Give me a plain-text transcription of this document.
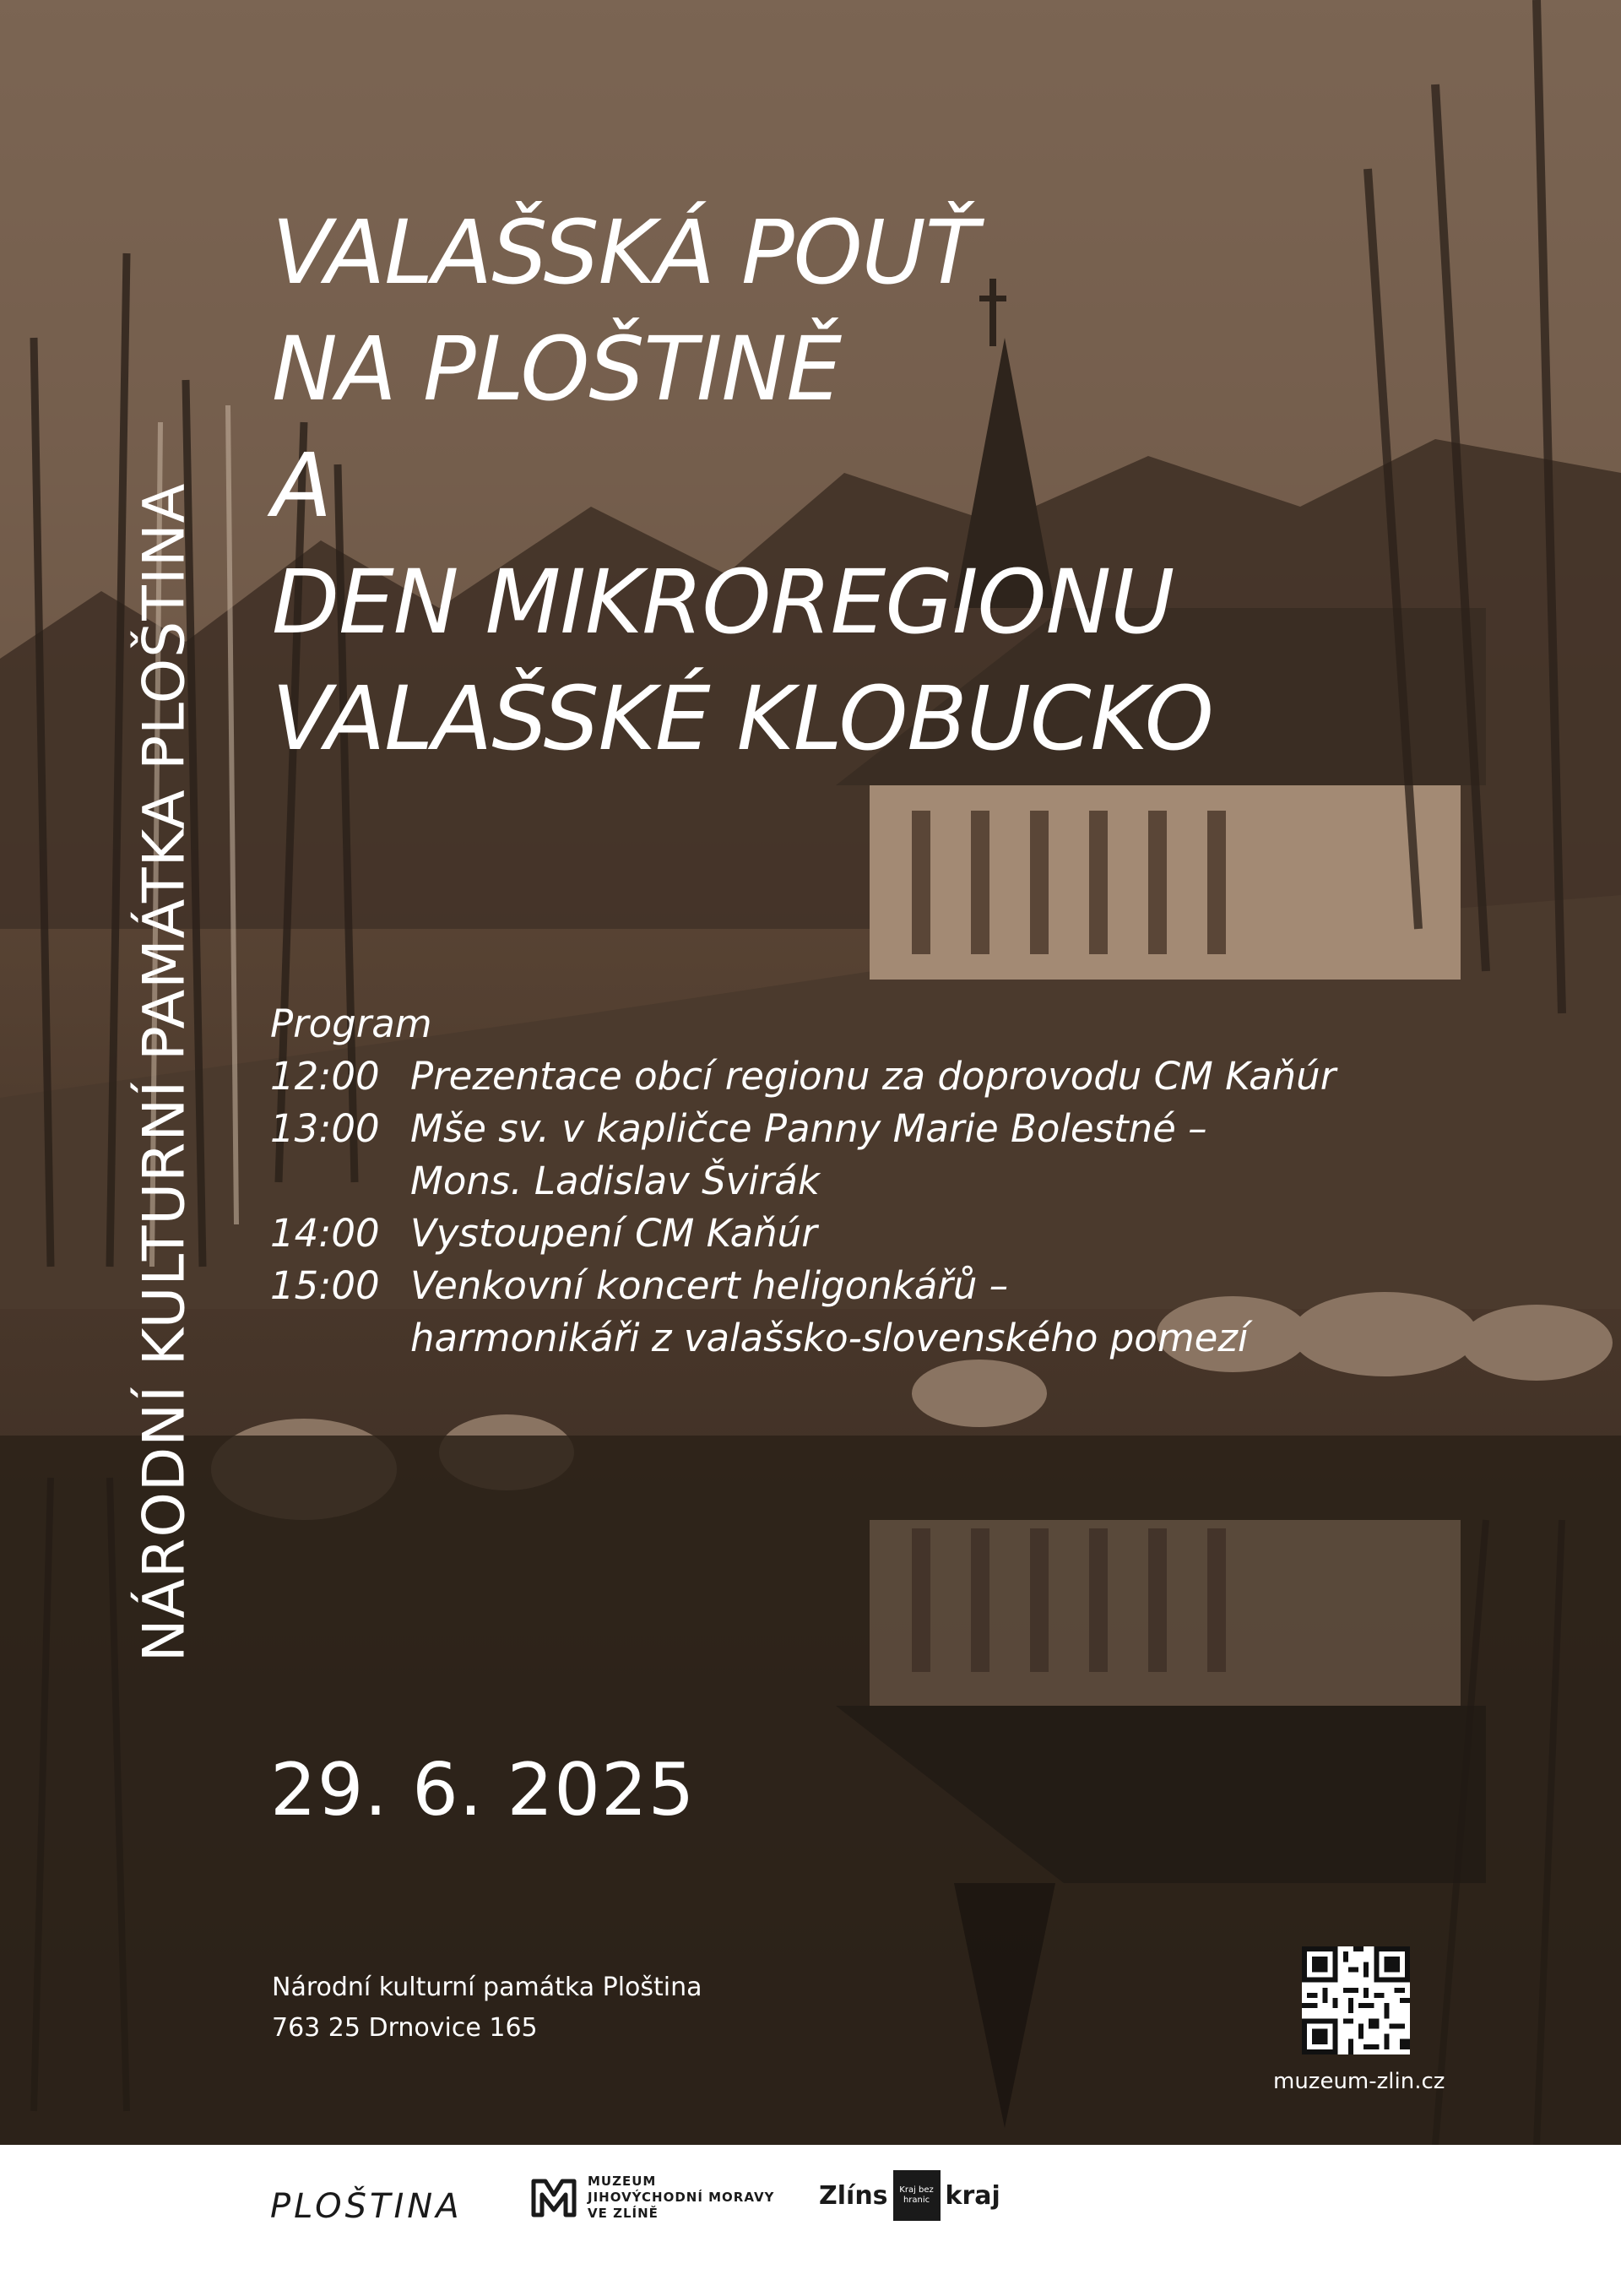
NÁRODNÍ KULTURNÍ PAMÁTKA PLOŠTINA
VALAŠSKÁ POUŤ
NA PLOŠTINĚ
A
DEN MIKROREGIONU
VALAŠSKÉ KLOBUCKO
Program
12:00 Prezentace obcí regionu za doprovodu CM Kaňúr
13:00 Mše sv. v kapličce Panny Marie Bolestné –
Mons. Ladislav Švirák
14:00 Vystoupení CM Kaňúr
15:00 Venkovní koncert heligonkářů –
harmonikáři z valašsko-slovenského pomezí
29. 6. 2025
Národní kulturní památka Ploština
763 25 Drnovice 165
muzeum-zlin.cz
PLOŠTINA
MUZEUM
JIHOVÝCHODNÍ MORAVY
VE ZLÍNĚ
Zlíns	Kraj bez
hranic kraj
